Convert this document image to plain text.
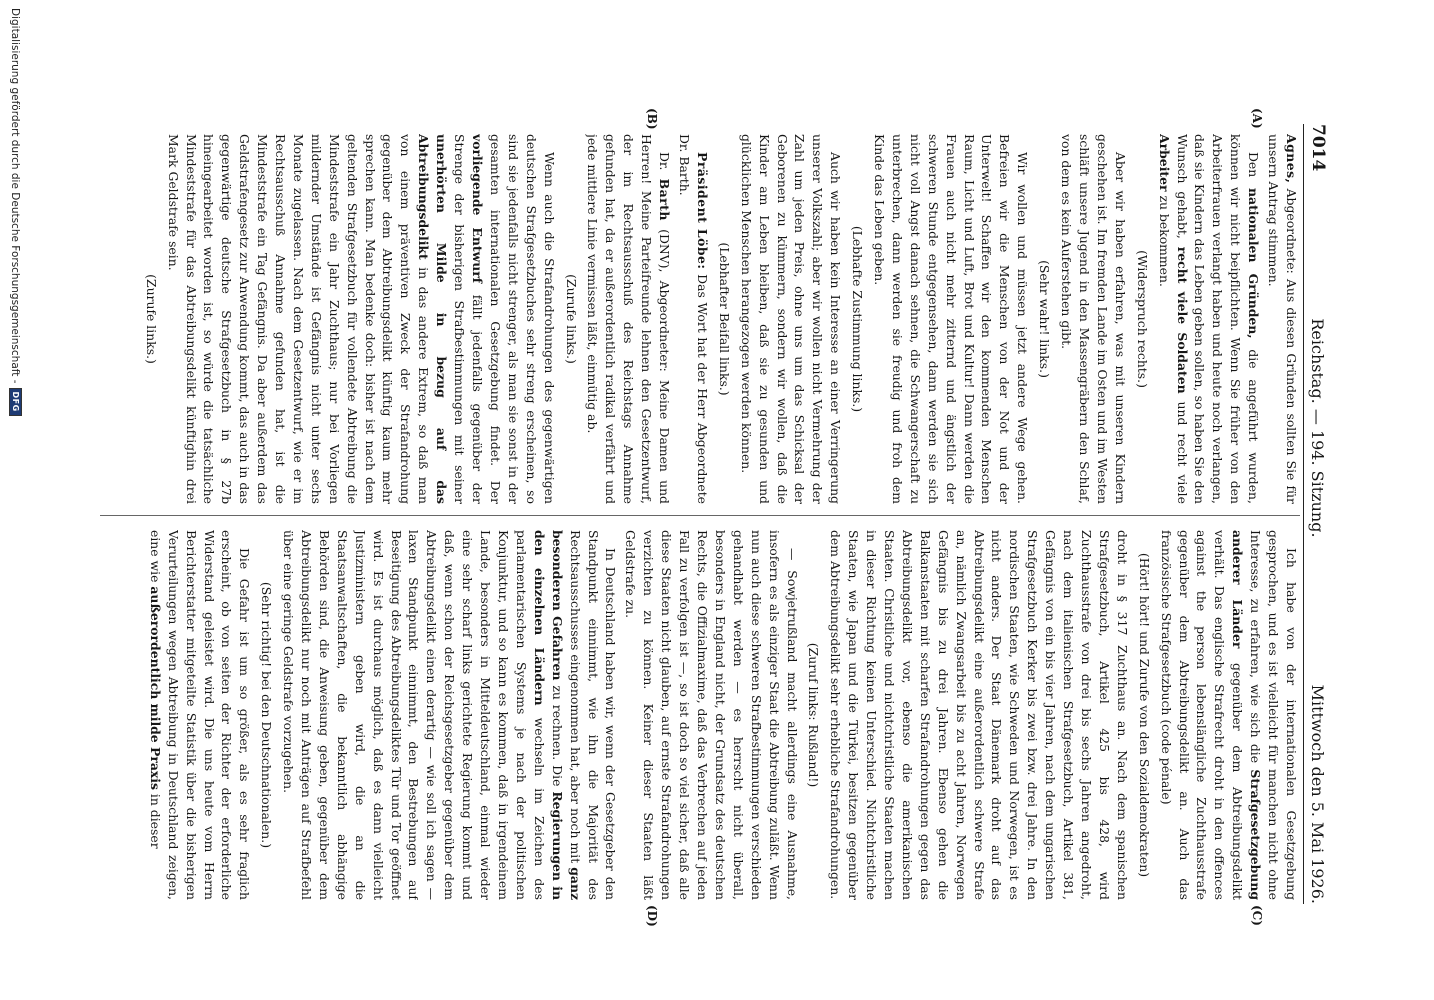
7014
Reichstag. — 194. Sitzung.
Mittwoch den 5. Mai 1926.
(A)
(B)
(C)
(D)

Agnes, Abgeordnete: Aus diesen Gründen sollten Sie für unsern Antrag stimmen.

Den nationalen Gründen, die angeführt wurden, können wir nicht beipflichten. Wenn Sie früher von den Arbeiterfrauen verlangt haben und heute noch verlangen, daß sie Kindern das Leben geben sollen, so haben Sie den Wunsch gehabt, recht viele Soldaten und recht viele Arbeiter zu bekommen.

(Widerspruch rechts.)

Aber wir haben erfahren, was mit unseren Kindern geschehen ist. Im fremden Lande im Osten und im Westen schläft unsere Jugend in den Massengräbern den Schlaf, von dem es kein Auferstehen gibt.

(Sehr wahr! links.)

Wir wollen und müssen jetzt andere Wege gehen. Befreien wir die Menschen von der Not und der Unterwelt! Schaffen wir den kommenden Menschen Raum, Licht und Luft, Brot und Kultur! Dann werden die Frauen auch nicht mehr zitternd und ängstlich der schweren Stunde entgegensehen, dann werden sie sich nicht voll Angst danach sehnen, die Schwangerschaft zu unterbrechen, dann werden sie freudig und froh dem Kinde das Leben geben.

(Lebhafte Zustimmung links.)

Auch wir haben kein Interesse an einer Verringerung unserer Volkszahl; aber wir wollen nicht Vermehrung der Zahl um jeden Preis, ohne uns um das Schicksal der Geborenen zu kümmern, sondern wir wollen, daß die Kinder am Leben bleiben, daß sie zu gesunden und glücklichen Menschen herangezogen werden können.

(Lebhafter Beifall links.)

Präsident Löbe: Das Wort hat der Herr Abgeordnete Dr. Barth.

Dr. Barth (DNV), Abgeordneter: Meine Damen und Herren! Meine Parteifreunde lehnen den Gesetzentwurf, der im Rechtsausschuß des Reichstags Annahme gefunden hat, da er außerordentlich radikal verfährt und jede mittlere Linie vermissen läßt, einmütig ab.

(Zurufe links.)

Wenn auch die Strafandrohungen des gegenwärtigen deutschen Strafgesetzbuches sehr streng erscheinen, so sind sie jedenfalls nicht strenger, als man sie sonst in der gesamten internationalen Gesetzgebung findet. Der vorliegende Entwurf fällt jedenfalls gegenüber der Strenge der bisherigen Strafbestimmungen mit seiner unerhörten Milde in bezug auf das Abtreibungsdelikt in das andere Extrem, so daß man von einem präventiven Zweck der Strafandrohung gegenüber dem Abtreibungsdelikt künftig kaum mehr sprechen kann. Man bedenke doch: bisher ist nach dem geltenden Strafgesetzbuch für vollendete Abtreibung die Mindeststrafe ein Jahr Zuchthaus; nur bei Vorliegen mildernder Umstände ist Gefängnis nicht unter sechs Monate zugelassen. Nach dem Gesetzentwurf, wie er im Rechtsausschuß Annahme gefunden hat, ist die Mindeststrafe ein Tag Gefängnis. Da aber außerdem das Geldstrafengesetz zur Anwendung kommt, das auch in das gegenwärtige deutsche Strafgesetzbuch in § 27b hineingearbeitet worden ist, so würde die tatsächliche Mindeststrafe für das Abtreibungsdelikt künftighin drei Mark Geldstrafe sein.

(Zurufe links.)

Ich habe von der internationalen Gesetzgebung gesprochen, und es ist vielleicht für manchen nicht ohne Interesse, zu erfahren, wie sich die Strafgesetzgebung anderer Länder gegenüber dem Abtreibungsdelikt verhält. Das englische Strafrecht droht in den offences against the person lebenslängliche Zuchthausstrafe gegenüber dem Abtreibungsdelikt an. Auch das französische Strafgesetzbuch (code pénale)

(Hört! hört! und Zurufe von den Sozialdemokraten)

droht in § 317 Zuchthaus an. Nach dem spanischen Strafgesetzbuch, Artikel 425 bis 428, wird Zuchthausstrafe von drei bis sechs Jahren angedroht, nach dem italienischen Strafgesetzbuch, Artikel 381, Gefängnis von ein bis vier Jahren, nach dem ungarischen Strafgesetzbuch Kerker bis zwei bzw. drei Jahre. In den nordischen Staaten, wie Schweden und Norwegen, ist es nicht anders. Der Staat Dänemark droht auf das Abtreibungsdelikt eine außerordentlich schwere Strafe an, nämlich Zwangsarbeit bis zu acht Jahren, Norwegen Gefängnis bis zu drei Jahren. Ebenso gehen die Balkanstaaten mit scharfen Strafandrohungen gegen das Abtreibungsdelikt vor, ebenso die amerikanischen Staaten. Christliche und nichtchristliche Staaten machen in dieser Richtung keinen Unterschied. Nichtchristliche Staaten, wie Japan und die Türkei, besitzen gegenüber dem Abtreibungsdelikt sehr erhebliche Strafandrohungen.

(Zuruf links: Rußland!)

— Sowjetrußland macht allerdings eine Ausnahme, insofern es als einziger Staat die Abtreibung zuläßt. Wenn nun auch diese schweren Strafbestimmungen verschieden gehandhabt werden — es herrscht nicht überall, besonders in England nicht, der Grundsatz des deutschen Rechts, die Offizialmaxime, daß das Verbrechen auf jeden Fall zu verfolgen ist —, so ist doch so viel sicher, daß alle diese Staaten nicht glauben, auf ernste Strafandrohungen verzichten zu können. Keiner dieser Staaten läßt Geldstrafe zu.

In Deutschland haben wir, wenn der Gesetzgeber den Standpunkt einnimmt, wie ihn die Majorität des Rechtsausschusses eingenommen hat, aber noch mit ganz besonderen Gefahren zu rechnen. Die Regierungen in den einzelnen Ländern wechseln im Zeichen des parlamentarischen Systems je nach der politischen Konjunktur, und so kann es kommen, daß in irgendeinem Lande, besonders in Mitteldeutschland, einmal wieder eine sehr scharf links gerichtete Regierung kommt und daß, wenn schon der Reichsgesetzgeber gegenüber dem Abtreibungsdelikt einen derartig — wie soll ich sagen — laxen Standpunkt einnimmt, den Bestrebungen auf Beseitigung des Abtreibungsdeliktes Tür und Tor geöffnet wird. Es ist durchaus möglich, daß es dann vielleicht Justizministern geben wird, die an die Staatsanwaltschaften, die bekanntlich abhängige Behörden sind, die Anweisung geben, gegenüber dem Abtreibungsdelikt nur noch mit Anträgen auf Strafbefehl über eine geringe Geldstrafe vorzugehen.

(Sehr richtig! bei den Deutschnationalen.)

Die Gefahr ist um so größer, als es sehr fraglich erscheint, ob von seiten der Richter der erforderliche Widerstand geleistet wird. Die uns heute vom Herrn Berichterstatter mitgeteilte Statistik über die bisherigen Verurteilungen wegen Abtreibung in Deutschland zeigen, eine wie außerordentlich milde Praxis in dieser

Digitalisierung gefördert durch die Deutsche Forschungsgemeinschaft -
DFG
